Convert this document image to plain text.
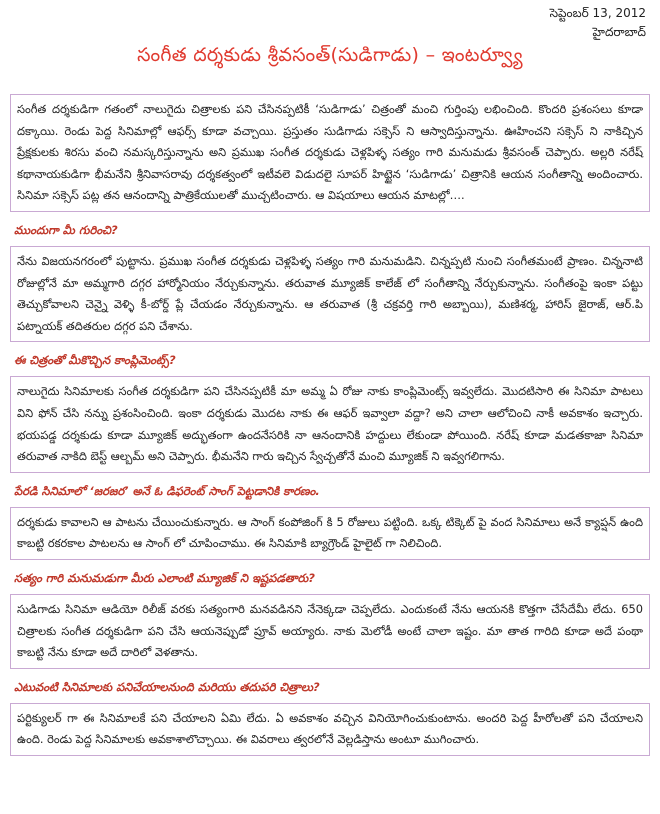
సెప్టెంబర్ 13, 2012
హైదరాబాద్
సంగీత దర్శకుడు శ్రీవసంత్(సుడిగాడు) – ఇంటర్వ్యూ
సంగీత దర్శకుడిగా గతంలో నాలుగైదు చిత్రాలకు పని చేసినప్పటికీ ‘సుడిగాడు’ చిత్రంతో మంచి గుర్తింపు లభించింది. కొందరి ప్రశంసలు కూడా దక్కాయి. రెండు పెద్ద సినిమాల్లో ఆఫర్స్ కూడా వచ్చాయి. ప్రస్తుతం సుడిగాడు సక్సెస్ ని ఆస్వాదిస్తున్నాను. ఊహించని సక్సెస్ ని నాకిచ్చిన ప్రేక్షకులకు శిరసు వంచి నమస్కరిస్తున్నాను అని ప్రముఖ సంగీత దర్శకుడు చెళ్లపిళ్ళ సత్యం గారి మనుమడు శ్రీవసంత్ చెప్పారు. అల్లరి నరేష్ కథానాయకుడిగా భీమనేని శ్రీనివాసరావు దర్శకత్వంలో ఇటీవలె విడుదలై సూపర్ హిట్టైన ‘సుడిగాడు’ చిత్రానికి ఆయన సంగీతాన్ని అందించారు. సినిమా సక్సెస్ పట్ల తన ఆనందాన్ని పాత్రికేయులతో ముచ్చటించారు. ఆ విషయాలు ఆయన మాటల్లో….
ముందుగా మీ గురించి?
నేను విజయనగరంలో పుట్టాను. ప్రముఖ సంగీత దర్శకుడు చెళ్లపిళ్ళ సత్యం గారి మనుమడిని. చిన్నప్పటి నుంచి సంగీతమంటే ప్రాణం. చిన్ననాటి రోజుల్లోనే మా అమ్మగారి దగ్గర హార్మోనియం నేర్చుకున్నాను. తరువాత మ్యూజిక్ కాలేజ్ లో సంగీతాన్ని నేర్చుకున్నాను. సంగీతంపై ఇంకా పట్టు తెచ్చుకోవాలని చెన్నై వెళ్ళి కీ-బోర్డ్ ప్లే చేయడం నేర్చుకున్నాను. ఆ తరువాత (శ్రీ చక్రవర్తి గారి అబ్బాయి), మణిశర్మ, హారిస్ జైరాజ్, ఆర్.పి పట్నాయక్ తదితరుల దగ్గర పని చేశాను.
ఈ చిత్రంతో మీకొచ్చిన కాంప్లిమెంట్స్?
నాలుగైదు సినిమాలకు సంగీత దర్శకుడిగా పని చేసినప్పటికీ మా అమ్మ ఏ రోజు నాకు కాంప్లిమెంట్స్ ఇవ్వలేదు. మొదటిసారి ఈ సినిమా పాటలు విని ఫోన్ చేసి నన్ను ప్రశంసించింది. ఇంకా దర్శకుడు మొదట నాకు ఈ ఆఫర్ ఇవ్వాలా వద్దా? అని చాలా ఆలోచించి నాకీ అవకాశం ఇచ్చారు. భయపడ్డ దర్శకుడు కూడా మ్యూజిక్ అద్భుతంగా ఉందనేసరికి నా ఆనందానికి హద్దులు లేకుండా పోయింది. నరేష్ కూడా మడతకాజా సినిమా తరువాత నాకిది బెస్ట్ ఆల్బమ్ అని చెప్పారు. భీమనేని గారు ఇచ్చిన స్వేచ్చతోనే మంచి మ్యూజిక్ ని ఇవ్వగలిగాను.
పేరడి సినిమాలో ‘జరజర’ అనే ఓ డిఫరెంట్ సాంగ్ పెట్టడానికి కారణం.
దర్శకుడు కావాలని ఆ పాటను చేయించుకున్నారు. ఆ సాంగ్ కంపోజింగ్ కి 5 రోజులు పట్టింది. ఒక్క టిక్కెట్ పై వంద సినిమాలు అనే క్యాప్షన్ ఉంది కాబట్టి రకరకాల పాటలను ఆ సాంగ్ లో చూపించాము. ఈ సినిమాకి బ్యాగ్రౌండ్ హైలైట్ గా నిలిచింది.
సత్యం గారి మనుమడుగా మీరు ఎలాంటి మ్యూజిక్ ని ఇష్టపడతారు?
సుడిగాడు సినిమా ఆడియో రిలీజ్ వరకు సత్యంగారి మనవడినని నేనెక్కడా చెప్పలేదు. ఎందుకంటే నేను ఆయనకి కొత్తగా చేసేదేమీ లేదు. 650 చిత్రాలకు సంగీత దర్శకుడిగా పని చేసి ఆయనెప్పుడో ప్రూవ్ అయ్యారు. నాకు మెలోడీ అంటే చాలా ఇష్టం. మా తాత గారిది కూడా అదే పంథా కాబట్టి నేను కూడా అదే దారిలో వెళతాను.
ఎటువంటి సినిమాలకు పనిచేయాలనుంది మరియు తదుపరి చిత్రాలు?
పర్టిక్యులర్ గా ఈ సినిమాలకే పని చేయాలని ఏమి లేదు. ఏ అవకాశం వచ్చిన వినియోగించుకుంటాను. అందరి పెద్ద హీరోలతో పని చేయాలని ఉంది. రెండు పెద్ద సినిమాలకు అవకాశాలొచ్చాయి. ఈ వివరాలు త్వరలోనే వెల్లడిస్తాను అంటూ ముగించారు.
